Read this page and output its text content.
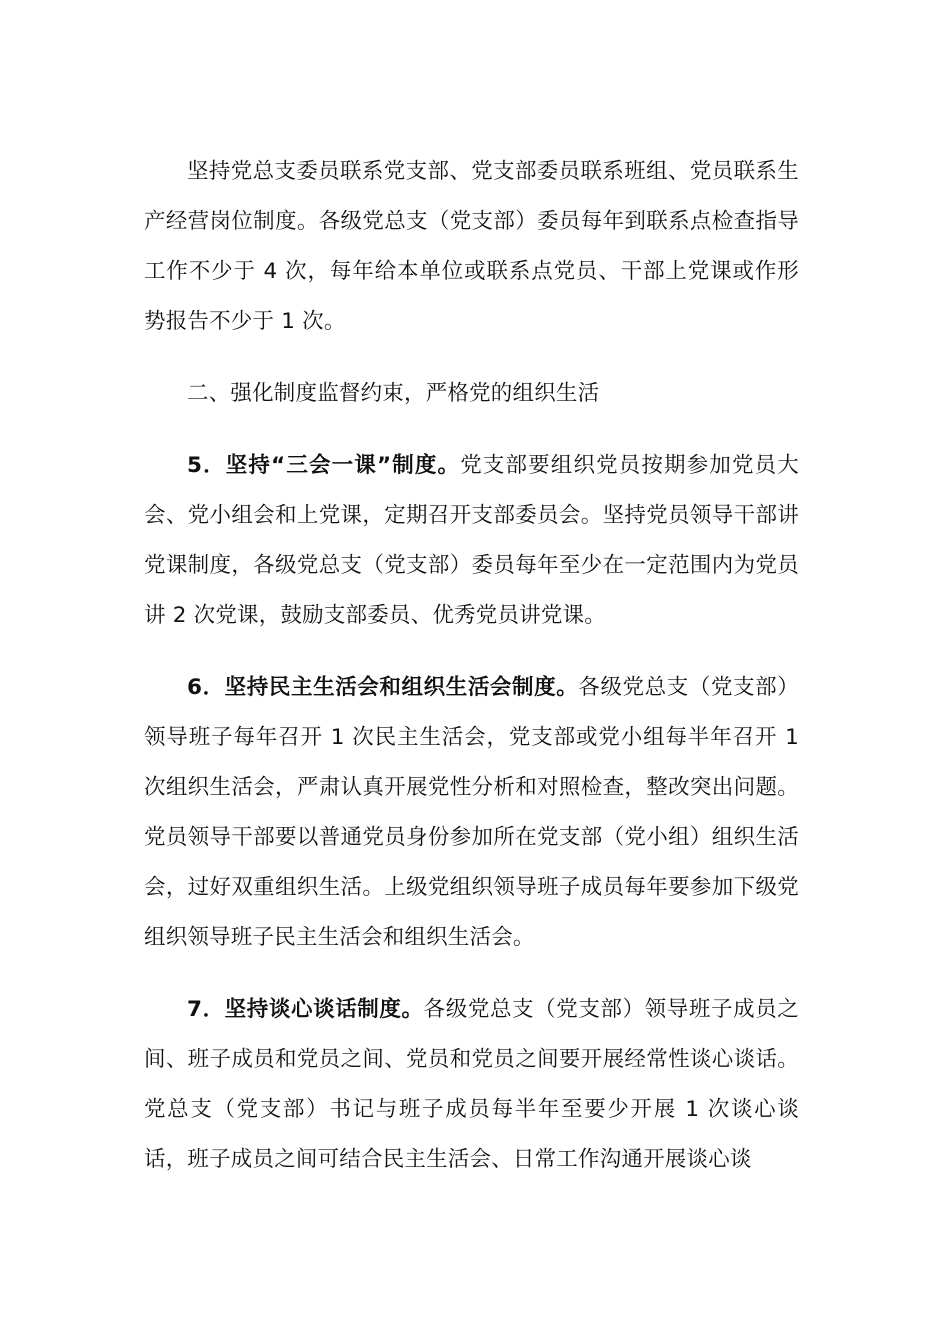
坚持党总支委员联系党支部、党支部委员联系班组、党员联系生产经营岗位制度。各级党总支（党支部）委员每年到联系点检查指导工作不少于 4 次，每年给本单位或联系点党员、干部上党课或作形势报告不少于 1 次。

二、强化制度监督约束，严格党的组织生活

5．坚持“三会一课”制度。党支部要组织党员按期参加党员大会、党小组会和上党课，定期召开支部委员会。坚持党员领导干部讲党课制度，各级党总支（党支部）委员每年至少在一定范围内为党员讲 2 次党课，鼓励支部委员、优秀党员讲党课。

6．坚持民主生活会和组织生活会制度。各级党总支（党支部）领导班子每年召开 1 次民主生活会，党支部或党小组每半年召开 1 次组织生活会，严肃认真开展党性分析和对照检查，整改突出问题。党员领导干部要以普通党员身份参加所在党支部（党小组）组织生活会，过好双重组织生活。上级党组织领导班子成员每年要参加下级党组织领导班子民主生活会和组织生活会。

7．坚持谈心谈话制度。各级党总支（党支部）领导班子成员之间、班子成员和党员之间、党员和党员之间要开展经常性谈心谈话。党总支（党支部）书记与班子成员每半年至要少开展 1 次谈心谈话，班子成员之间可结合民主生活会、日常工作沟通开展谈心谈
